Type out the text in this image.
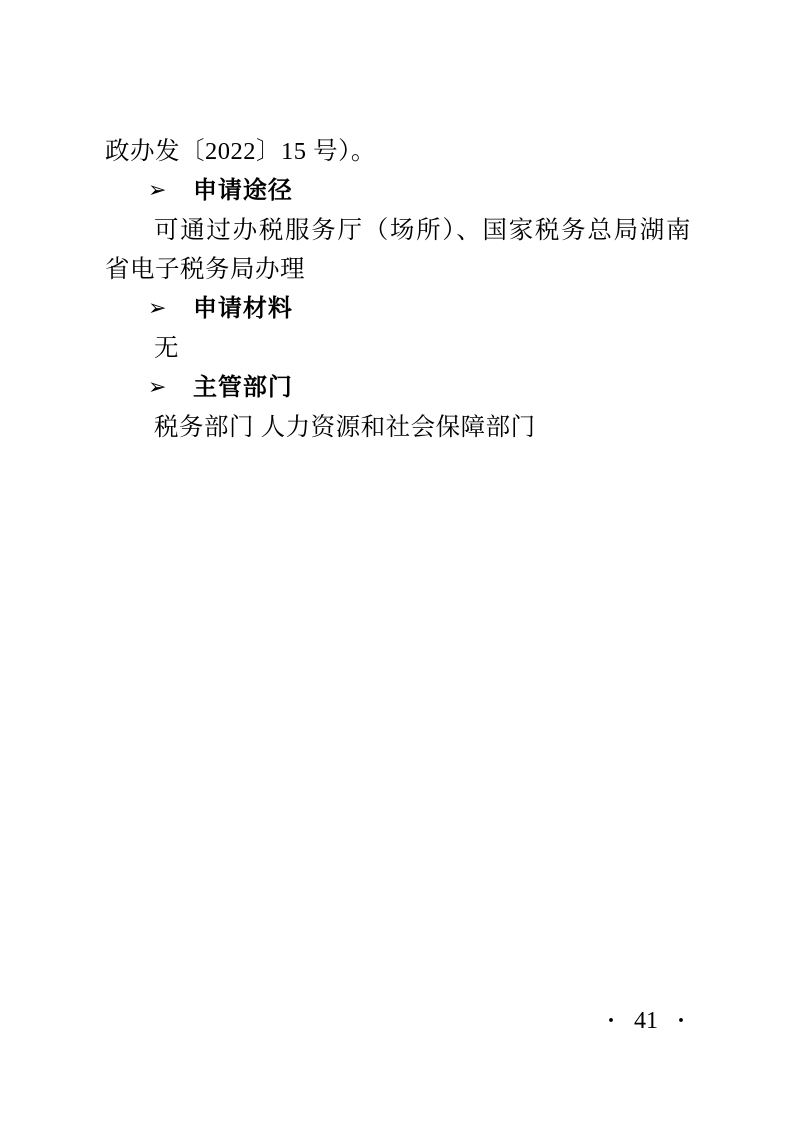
政办发〔2022〕15 号）。

➢ 申请途径

可通过办税服务厅（场所）、国家税务总局湖南省电子税务局办理

➢ 申请材料

无

➢ 主管部门

税务部门 人力资源和社会保障部门

· 41 ·
